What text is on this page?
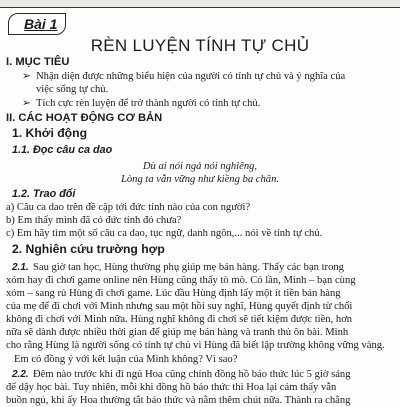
Bài 1
RÈN LUYỆN TÍNH TỰ CHỦ
I. MỤC TIÊU
➢ Nhận diện được những biểu hiện của người có tính tự chủ và ý nghĩa của
việc sống tự chủ.
➢ Tích cực rèn luyện để trở thành người có tính tự chủ.
II. CÁC HOẠT ĐỘNG CƠ BẢN
1. Khởi động
1.1. Đọc câu ca dao
Dù ai nói ngả nói nghiêng,
Lòng ta vẫn vững như kiềng ba chân.
1.2. Trao đổi
a) Câu ca dao trên đề cập tới đức tính nào của con người?
b) Em thấy mình đã có đức tính đó chưa?
c) Em hãy tìm một số câu ca dao, tục ngữ, danh ngôn,... nói về tính tự chủ.
2. Nghiên cứu trường hợp
2.1. Sau giờ tan học, Hùng thường phụ giúp mẹ bán hàng. Thấy các bạn trong
xóm hay đi chơi game online nên Hùng cũng thấy tò mò. Có lần, Minh – bạn cùng
xóm – sang rủ Hùng đi chơi game. Lúc đầu Hùng định lấy một ít tiền bán hàng
của mẹ để đi chơi với Minh nhưng sau một hồi suy nghĩ, Hùng quyết định từ chối
không đi chơi với Minh nữa. Hùng nghĩ không đi chơi sẽ tiết kiệm được tiền, hơn
nữa sẽ dành được nhiều thời gian để giúp mẹ bán hàng và tranh thủ ôn bài. Minh
cho rằng Hùng là người sống có tính tự chủ vì Hùng đã biết lập trường không vững vàng.
Em có đồng ý với kết luận của Minh không? Vì sao?
2.2. Đêm nào trước khi đi ngủ Hoa cũng chỉnh đồng hồ báo thức lúc 5 giờ sáng
để dậy học bài. Tuy nhiên, mỗi khi đồng hồ báo thức thì Hoa lại cảm thấy vẫn
buồn ngủ, khi ấy Hoa thường tắt báo thức và nằm thêm chút nữa. Thành ra chẳng
